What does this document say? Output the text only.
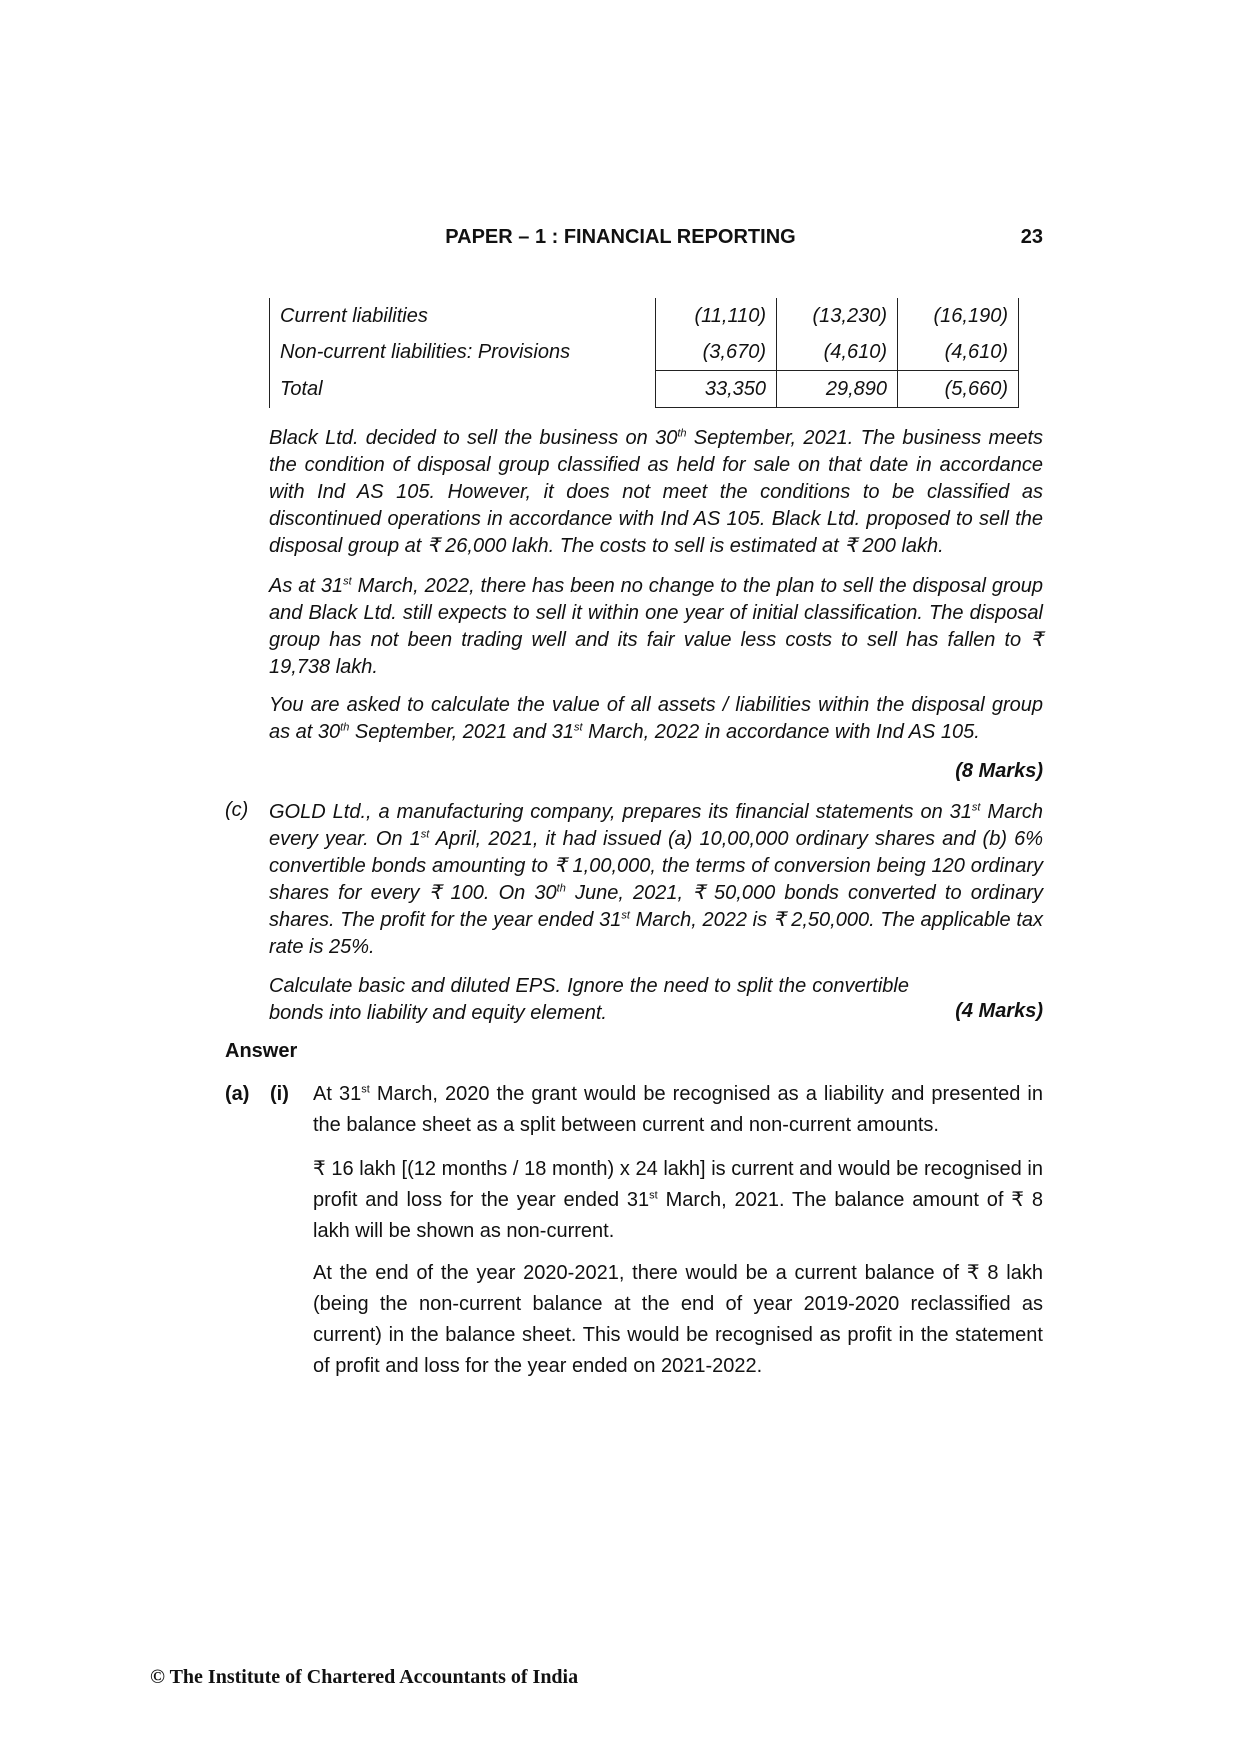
PAPER – 1 : FINANCIAL REPORTING	23
Current liabilities	(11,110)	(13,230)	(16,190)
Non-current liabilities: Provisions	(3,670)	(4,610)	(4,610)
Total	33,350	29,890	(5,660)

Black Ltd. decided to sell the business on 30th September, 2021. The business meets the condition of disposal group classified as held for sale on that date in accordance with Ind AS 105. However, it does not meet the conditions to be classified as discontinued operations in accordance with Ind AS 105. Black Ltd. proposed to sell the disposal group at ₹ 26,000 lakh. The costs to sell is estimated at ₹ 200 lakh.

As at 31st March, 2022, there has been no change to the plan to sell the disposal group and Black Ltd. still expects to sell it within one year of initial classification. The disposal group has not been trading well and its fair value less costs to sell has fallen to ₹ 19,738 lakh.

You are asked to calculate the value of all assets / liabilities within the disposal group as at 30th September, 2021 and 31st March, 2022 in accordance with Ind AS 105.

(8 Marks)
(c) GOLD Ltd., a manufacturing company, prepares its financial statements on 31st March every year. On 1st April, 2021, it had issued (a) 10,00,000 ordinary shares and (b) 6% convertible bonds amounting to ₹ 1,00,000, the terms of conversion being 120 ordinary shares for every ₹ 100. On 30th June, 2021, ₹ 50,000 bonds converted to ordinary shares. The profit for the year ended 31st March, 2022 is ₹ 2,50,000. The applicable tax rate is 25%.

Calculate basic and diluted EPS. Ignore the need to split the convertible bonds into liability and equity element.	(4 Marks)
Answer
(a) (i) At 31st March, 2020 the grant would be recognised as a liability and presented in the balance sheet as a split between current and non-current amounts.

₹ 16 lakh [(12 months / 18 month) x 24 lakh] is current and would be recognised in profit and loss for the year ended 31st March, 2021. The balance amount of ₹ 8 lakh will be shown as non-current.

At the end of the year 2020-2021, there would be a current balance of ₹ 8 lakh (being the non-current balance at the end of year 2019-2020 reclassified as current) in the balance sheet. This would be recognised as profit in the statement of profit and loss for the year ended on 2021-2022.

© The Institute of Chartered Accountants of India
